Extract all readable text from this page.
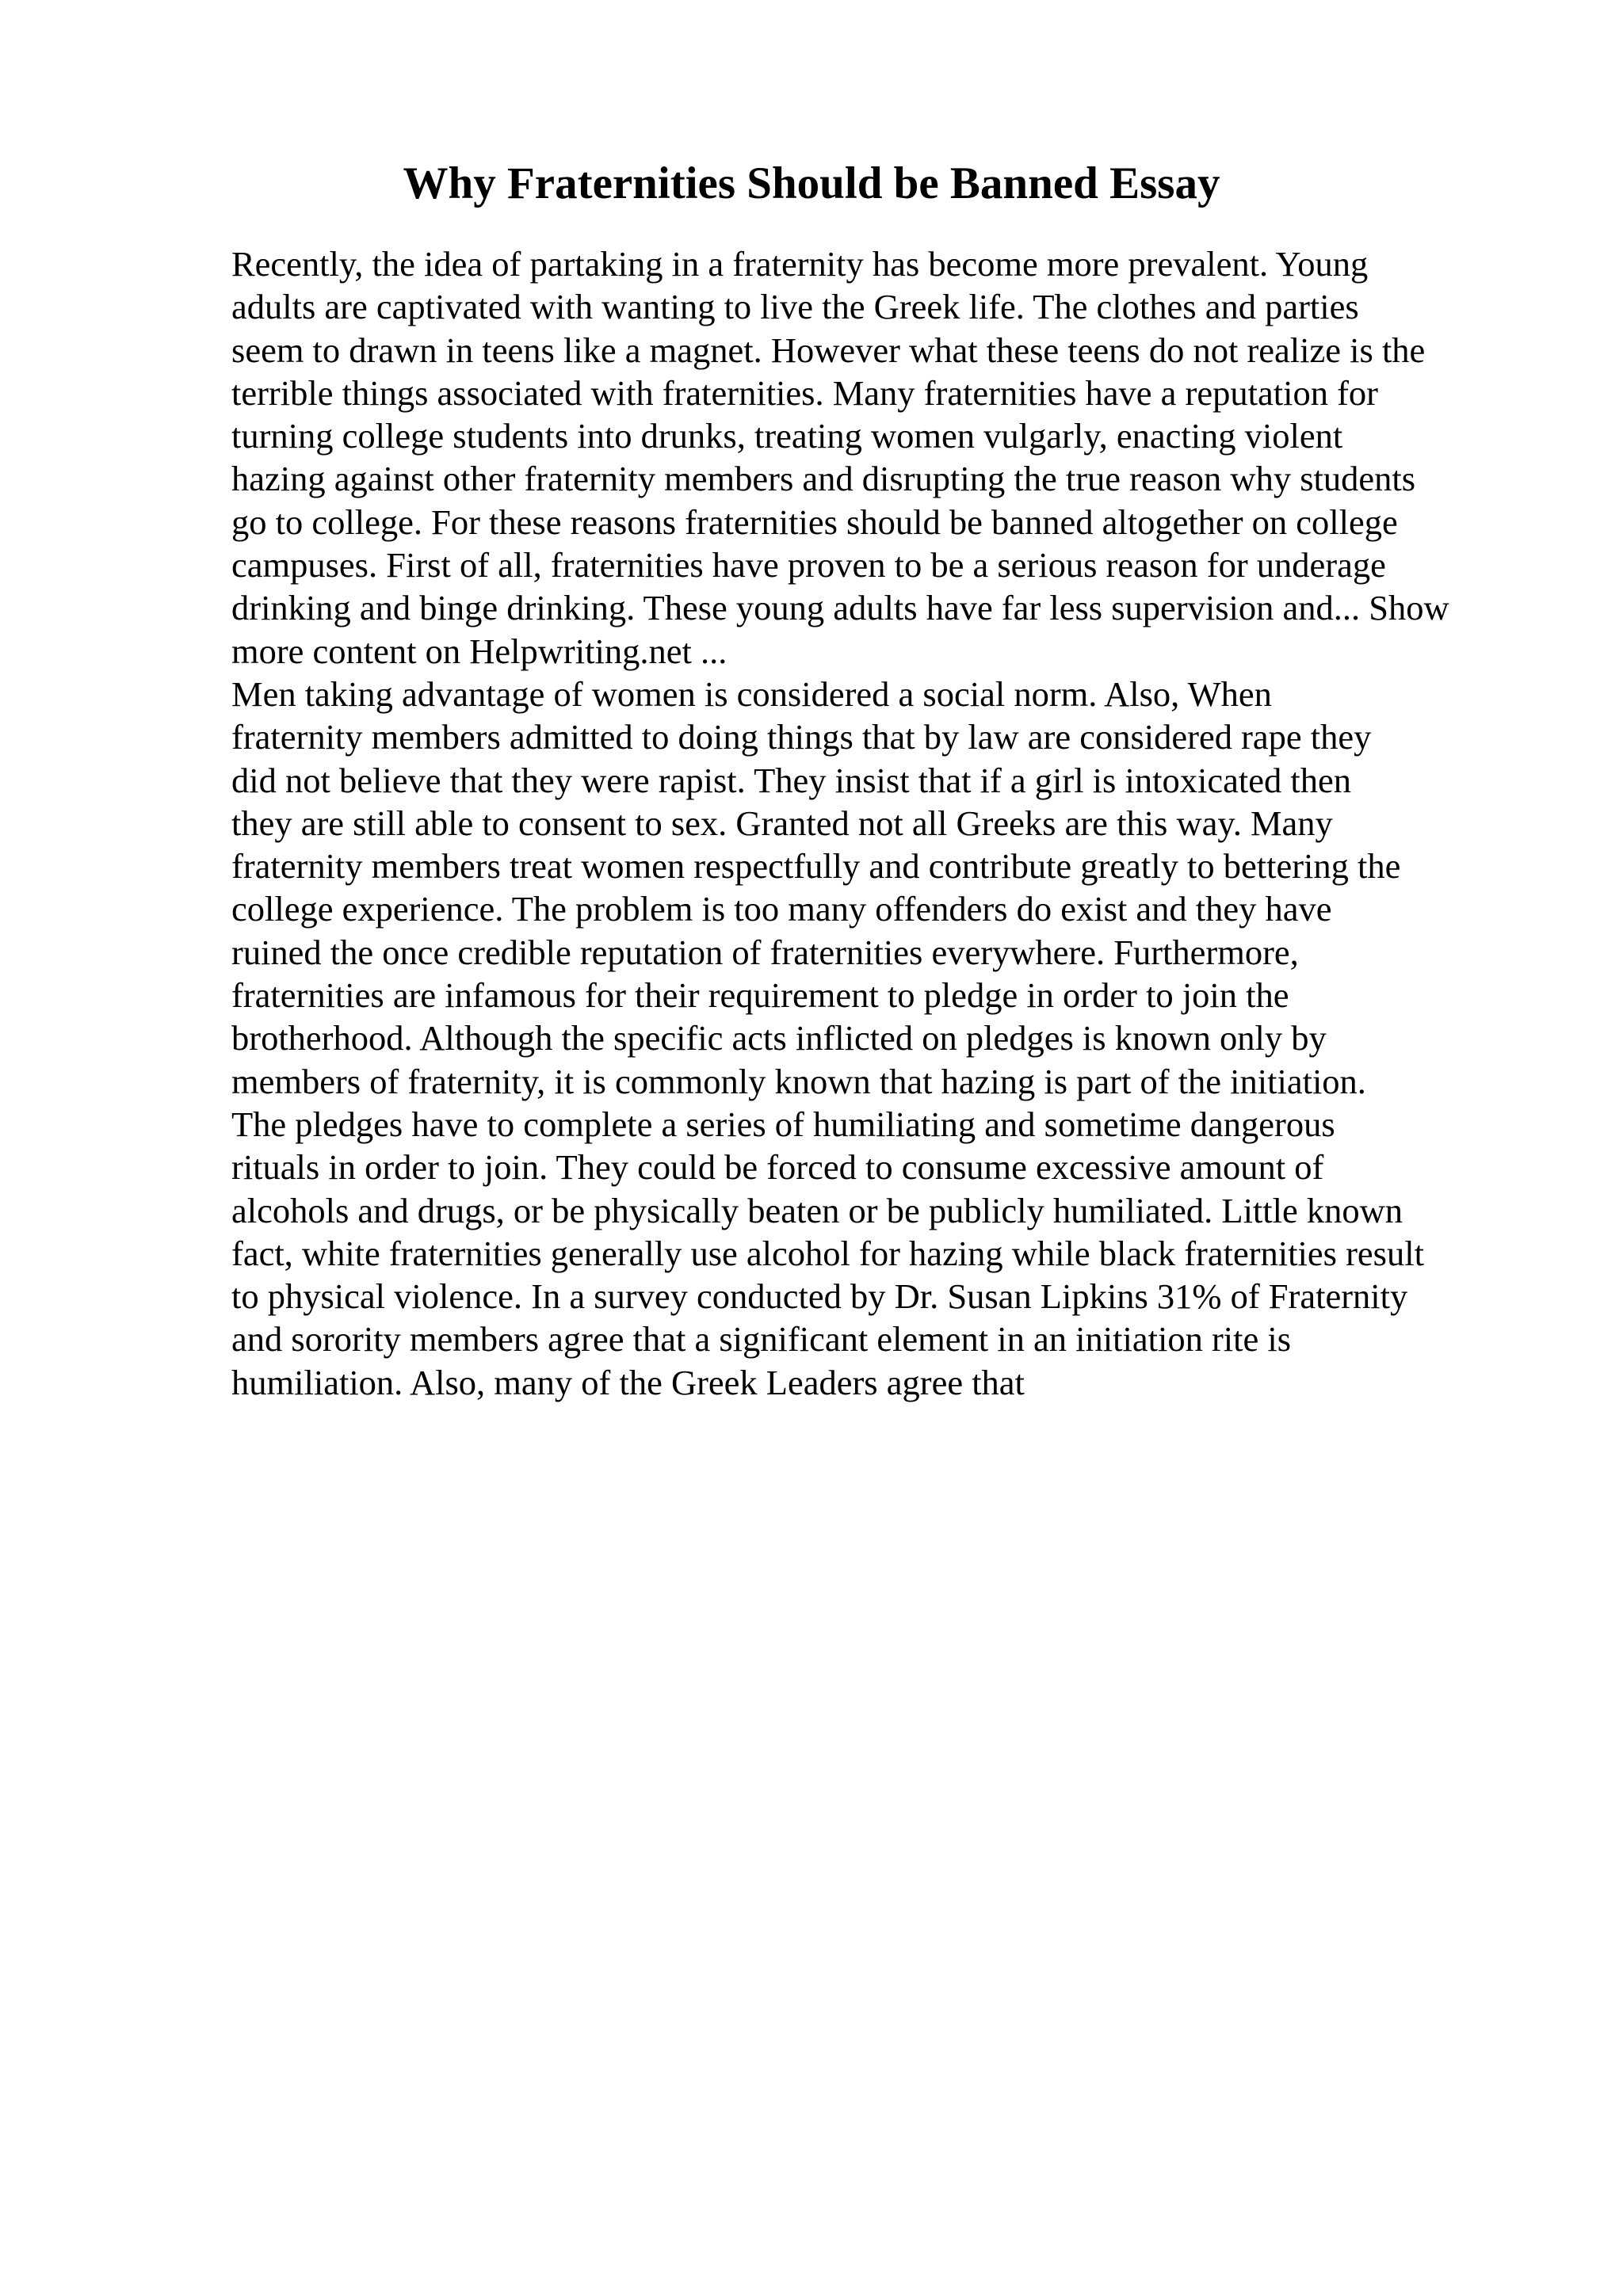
Why Fraternities Should be Banned Essay
Recently, the idea of partaking in a fraternity has become more prevalent. Young
adults are captivated with wanting to live the Greek life. The clothes and parties
seem to drawn in teens like a magnet. However what these teens do not realize is the
terrible things associated with fraternities. Many fraternities have a reputation for
turning college students into drunks, treating women vulgarly, enacting violent
hazing against other fraternity members and disrupting the true reason why students
go to college. For these reasons fraternities should be banned altogether on college
campuses. First of all, fraternities have proven to be a serious reason for underage
drinking and binge drinking. These young adults have far less supervision and... Show
more content on Helpwriting.net ...
Men taking advantage of women is considered a social norm. Also, When
fraternity members admitted to doing things that by law are considered rape they
did not believe that they were rapist. They insist that if a girl is intoxicated then
they are still able to consent to sex. Granted not all Greeks are this way. Many
fraternity members treat women respectfully and contribute greatly to bettering the
college experience. The problem is too many offenders do exist and they have
ruined the once credible reputation of fraternities everywhere. Furthermore,
fraternities are infamous for their requirement to pledge in order to join the
brotherhood. Although the specific acts inflicted on pledges is known only by
members of fraternity, it is commonly known that hazing is part of the initiation.
The pledges have to complete a series of humiliating and sometime dangerous
rituals in order to join. They could be forced to consume excessive amount of
alcohols and drugs, or be physically beaten or be publicly humiliated. Little known
fact, white fraternities generally use alcohol for hazing while black fraternities result
to physical violence. In a survey conducted by Dr. Susan Lipkins 31% of Fraternity
and sorority members agree that a significant element in an initiation rite is
humiliation. Also, many of the Greek Leaders agree that
